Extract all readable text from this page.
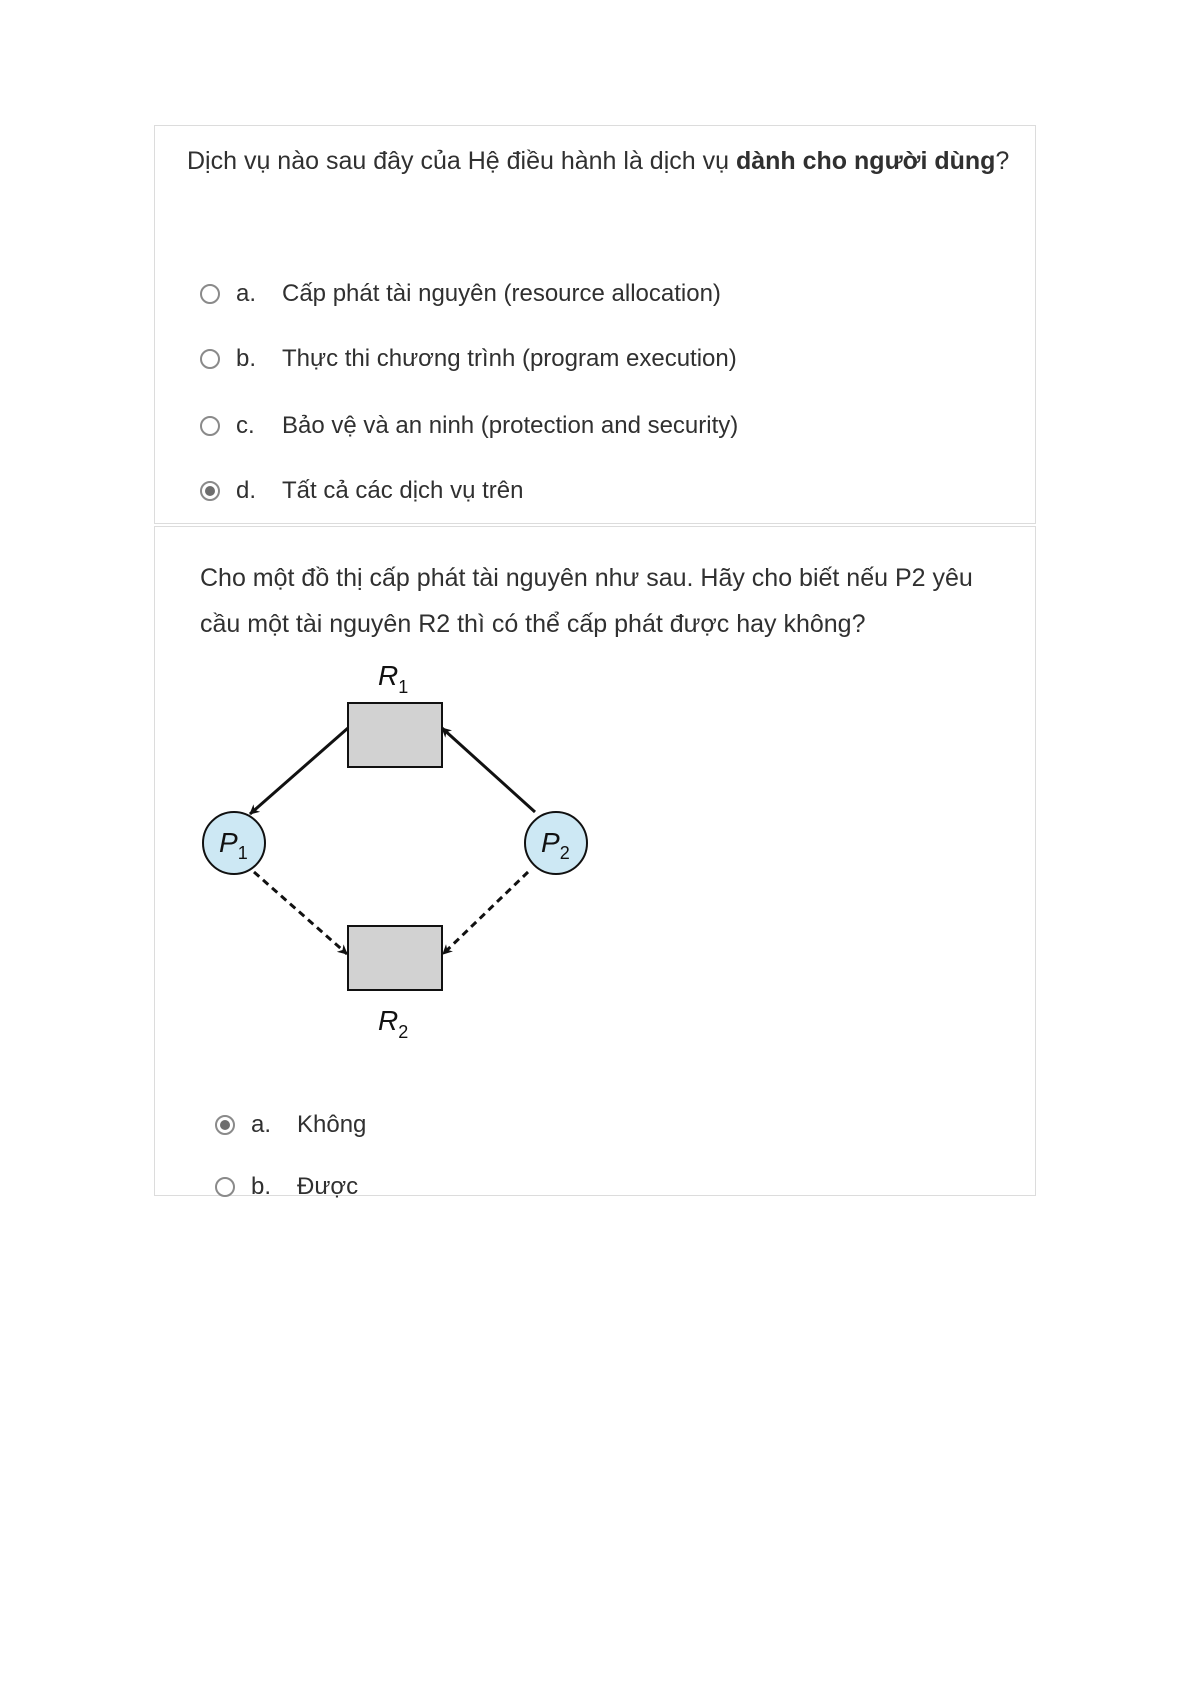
Dịch vụ nào sau đây của Hệ điều hành là dịch vụ dành cho người dùng?

a.	Cấp phát tài nguyên (resource allocation)
b.	Thực thi chương trình (program execution)
c.	Bảo vệ và an ninh (protection and security)
d.	Tất cả các dịch vụ trên

Cho một đồ thị cấp phát tài nguyên như sau. Hãy cho biết nếu P2 yêu cầu một tài nguyên R2 thì có thể cấp phát được hay không?

a.	Không
b.	Được
$R_1$
$R_2$
$P_1$	$P_2$
